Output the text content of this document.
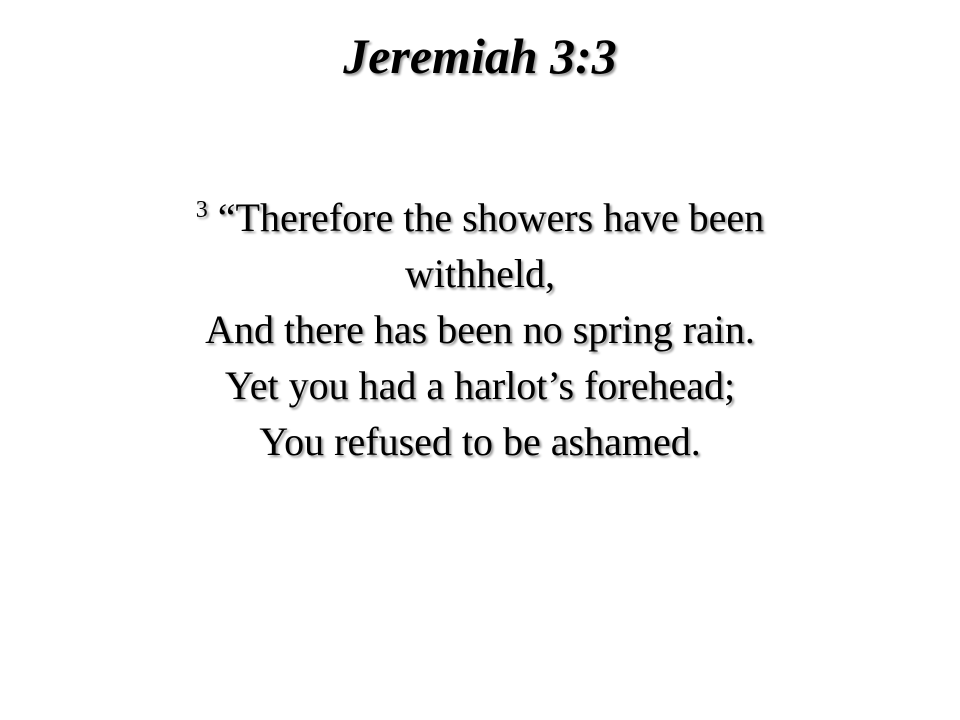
Jeremiah 3:3
$^3$ “Therefore the showers have been
withheld,
And there has been no spring rain.
Yet you had a harlot’s forehead;
You refused to be ashamed.
